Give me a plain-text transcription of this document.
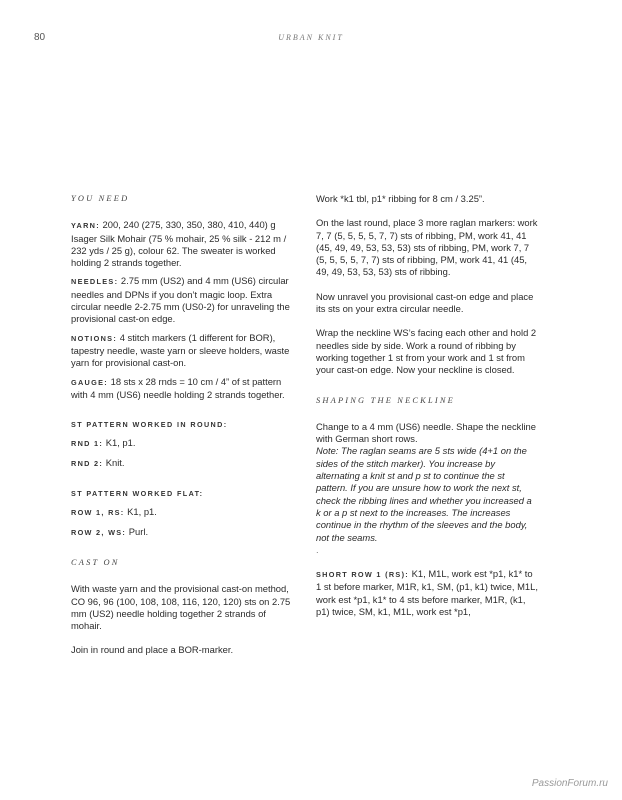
80	URBAN KNIT
YOU NEED

YARN: 200, 240 (275, 330, 350, 380, 410, 440) g Isager Silk Mohair (75 % mohair, 25 % silk - 212 m / 232 yds / 25 g), colour 62. The sweater is worked holding 2 strands together.

NEEDLES: 2.75 mm (US2) and 4 mm (US6) circular needles and DPNs if you don’t magic loop. Extra circular needle 2-2.75 mm (US0-2) for unraveling the provisional cast-on edge.

NOTIONS: 4 stitch markers (1 different for BOR), tapestry needle, waste yarn or sleeve holders, waste yarn for provisional cast-on.

GAUGE: 18 sts x 28 rnds = 10 cm / 4” of st pattern with 4 mm (US6) needle holding 2 strands together.

ST PATTERN WORKED IN ROUND:

RND 1: K1, p1.

RND 2: Knit.

ST PATTERN WORKED FLAT:

ROW 1, RS: K1, p1.

ROW 2, WS: Purl.

CAST ON

With waste yarn and the provisional cast-on method, CO 96, 96 (100, 108, 108, 116, 120, 120) sts on 2.75 mm (US2) needle holding together 2 strands of mohair.

Join in round and place a BOR-marker.

Work *k1 tbl, p1* ribbing for 8 cm / 3.25”.

On the last round, place 3 more raglan markers: work 7, 7 (5, 5, 5, 5, 7, 7) sts of ribbing, PM, work 41, 41 (45, 49, 49, 53, 53, 53) sts of ribbing, PM, work 7, 7 (5, 5, 5, 5, 7, 7) sts of ribbing, PM, work 41, 41 (45, 49, 49, 53, 53, 53) sts of ribbing.

Now unravel you provisional cast-on edge and place its sts on your extra circular needle.

Wrap the neckline WS’s facing each other and hold 2 needles side by side. Work a round of ribbing by working together 1 st from your work and 1 st from your cast-on edge. Now your neckline is closed.

SHAPING THE NECKLINE

Change to a 4 mm (US6) needle. Shape the neckline with German short rows.

Note: The raglan seams are 5 sts wide (4+1 on the sides of the stitch marker). You increase by alternating a knit st and p st to continue the st pattern. If you are unsure how to work the next st, check the ribbing lines and whether you increased a k or a p st next to the increases. The increases continue in the rhythm of the sleeves and the body, not the seams.

.

SHORT ROW 1 (RS): K1, M1L, work est *p1, k1* to 1 st before marker, M1R, k1, SM, (p1, k1) twice, M1L, work est *p1, k1* to 4 sts before marker, M1R, (k1, p1) twice, SM, k1, M1L, work est *p1,

PassionForum.ru
